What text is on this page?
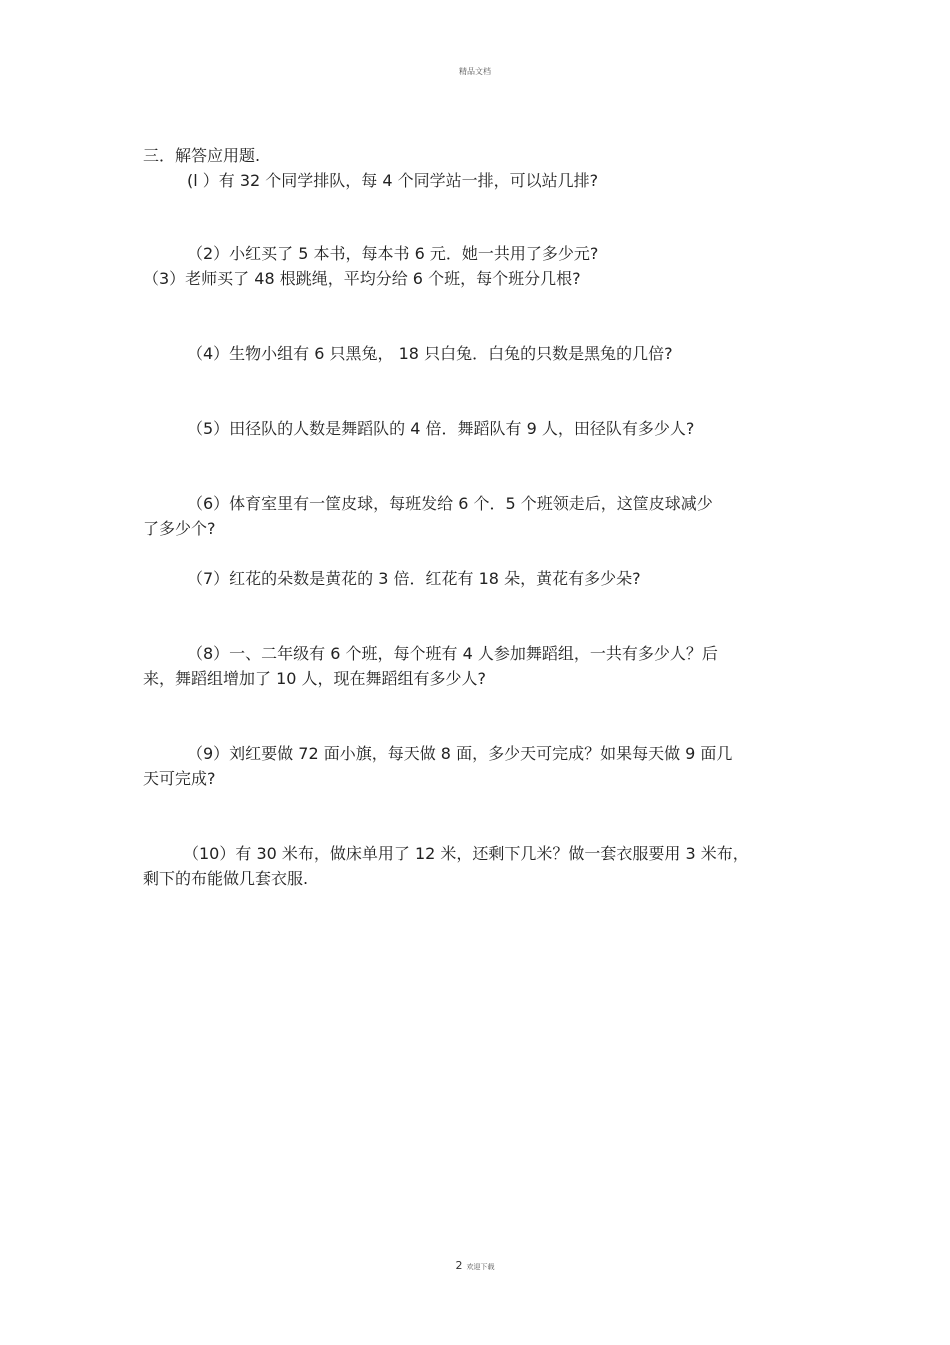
精品文档
三．解答应用题.
(l ）有 32 个同学排队，每 4 个同学站一排，可以站几排?
（2）小红买了 5 本书，每本书 6 元．她一共用了多少元?
（3）老师买了 48 根跳绳，平均分给 6 个班，每个班分几根?
（4）生物小组有 6 只黑兔， 18 只白兔．白兔的只数是黑兔的几倍?
（5）田径队的人数是舞蹈队的 4 倍．舞蹈队有 9 人，田径队有多少人?
（6）体育室里有一筐皮球，每班发给 6 个．5 个班领走后，这筐皮球减少
了多少个?
（7）红花的朵数是黄花的 3 倍．红花有 18 朵，黄花有多少朵?
（8）一、二年级有 6 个班，每个班有 4 人参加舞蹈组，一共有多少人？后
来，舞蹈组增加了 10 人，现在舞蹈组有多少人?
（9）刘红要做 72 面小旗，每天做 8 面，多少天可完成？如果每天做 9 面几
天可完成?
（10）有 30 米布，做床单用了 12 米，还剩下几米？做一套衣服要用 3 米布，
剩下的布能做几套衣服.
2 欢迎下载
